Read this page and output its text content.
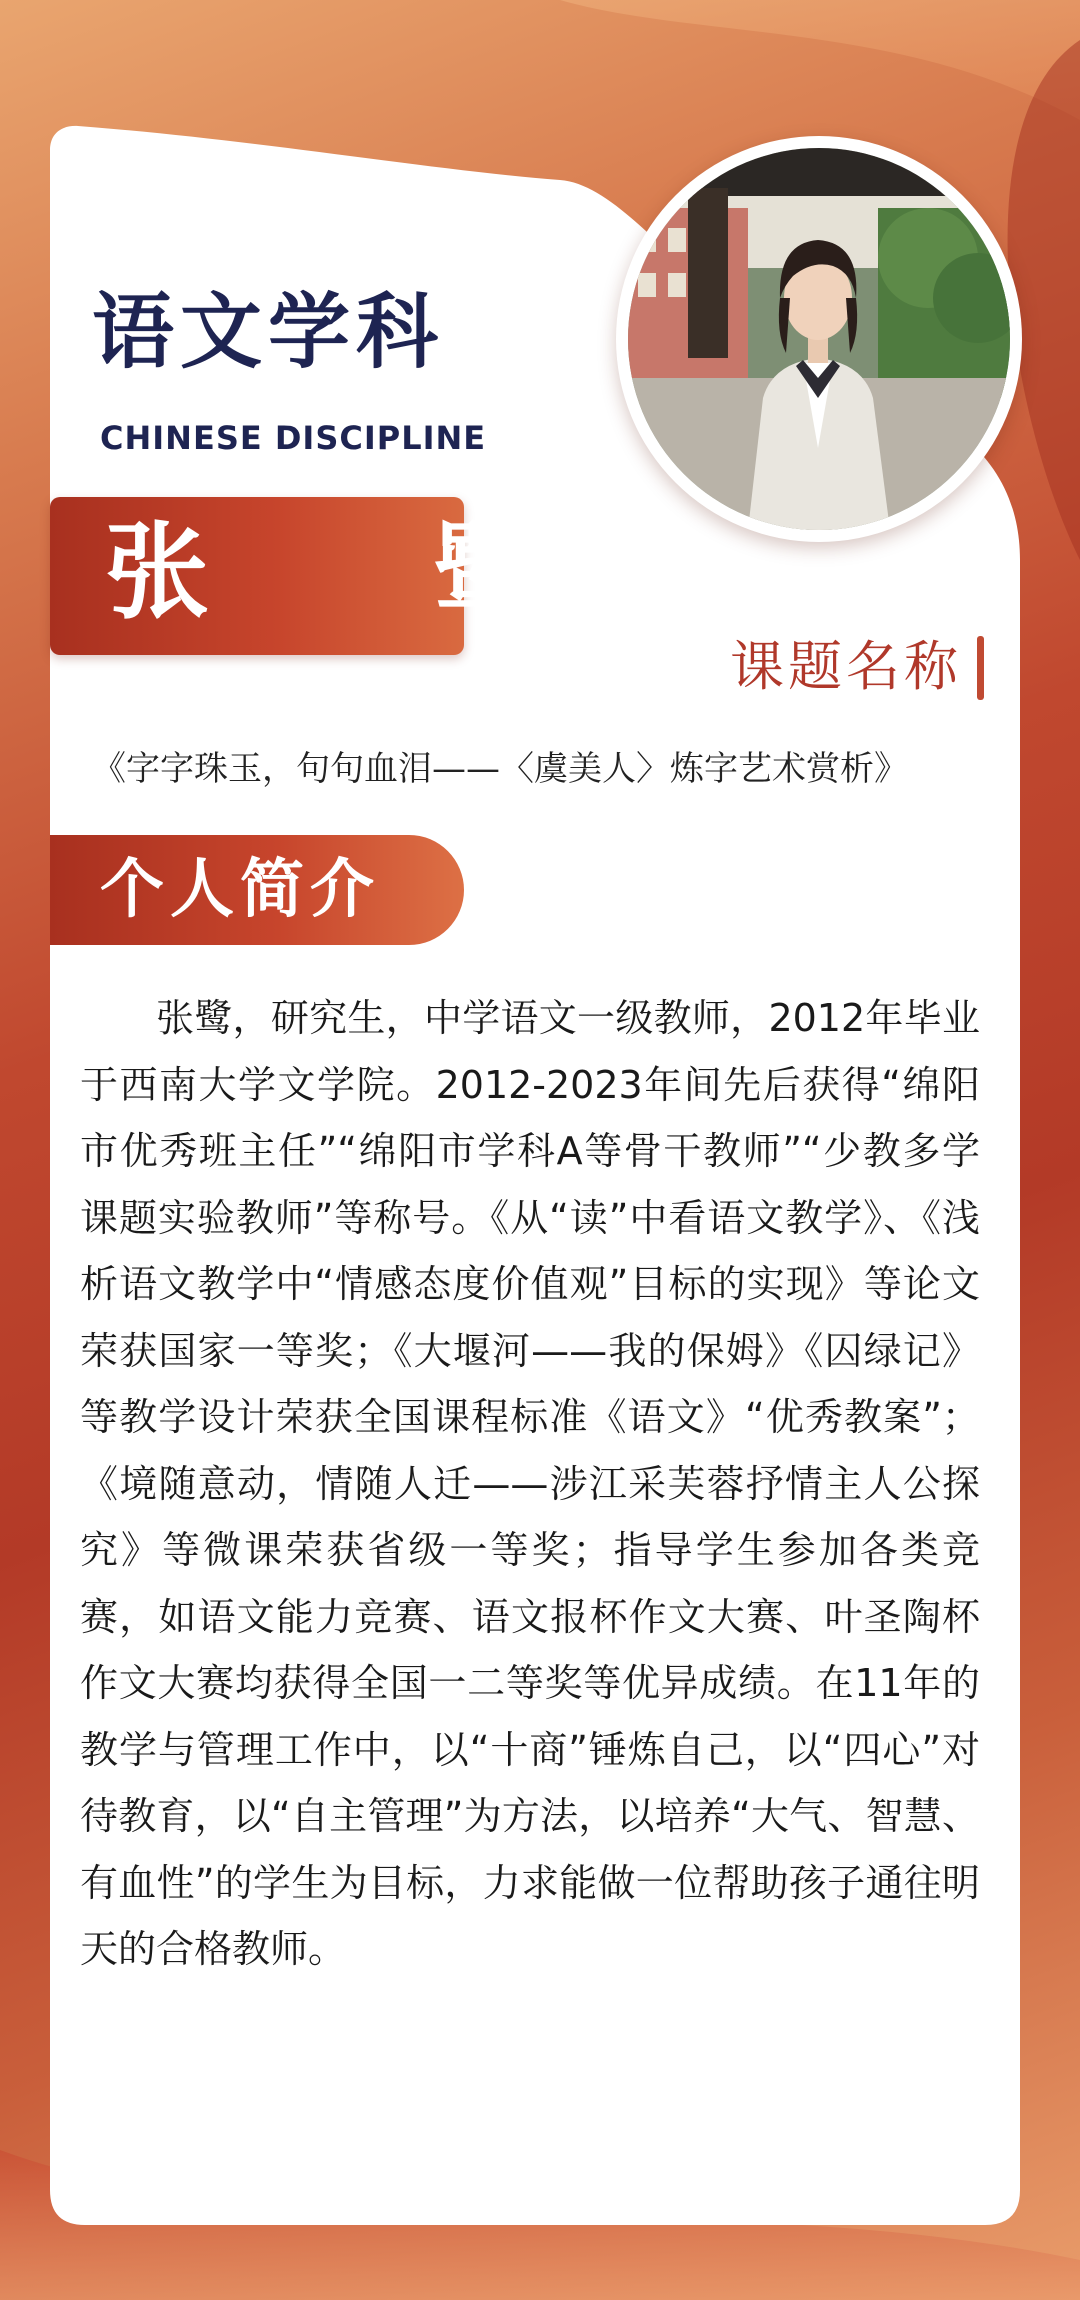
语文学科
CHINESE DISCIPLINE
张　鹭
课题名称
《字字珠玉，句句血泪——〈虞美人〉炼字艺术赏析》
个人简介

张鹭，研究生，中学语文一级教师，2012年毕业于西南大学文学院。2012-2023年间先后获得“绵阳市优秀班主任”“绵阳市学科A等骨干教师”“少教多学课题实验教师”等称号。《从“读”中看语文教学》、《浅析语文教学中“情感态度价值观”目标的实现》等论文荣获国家一等奖；《大堰河——我的保姆》《囚绿记》等教学设计荣获全国课程标准《语文》“优秀教案”；《境随意动，情随人迁——涉江采芙蓉抒情主人公探究》等微课荣获省级一等奖；指导学生参加各类竞赛，如语文能力竞赛、语文报杯作文大赛、叶圣陶杯作文大赛均获得全国一二等奖等优异成绩。在11年的教学与管理工作中，以“十商”锤炼自己，以“四心”对待教育，以“自主管理”为方法，以培养“大气、智慧、有血性”的学生为目标，力求能做一位帮助孩子通往明天的合格教师。
